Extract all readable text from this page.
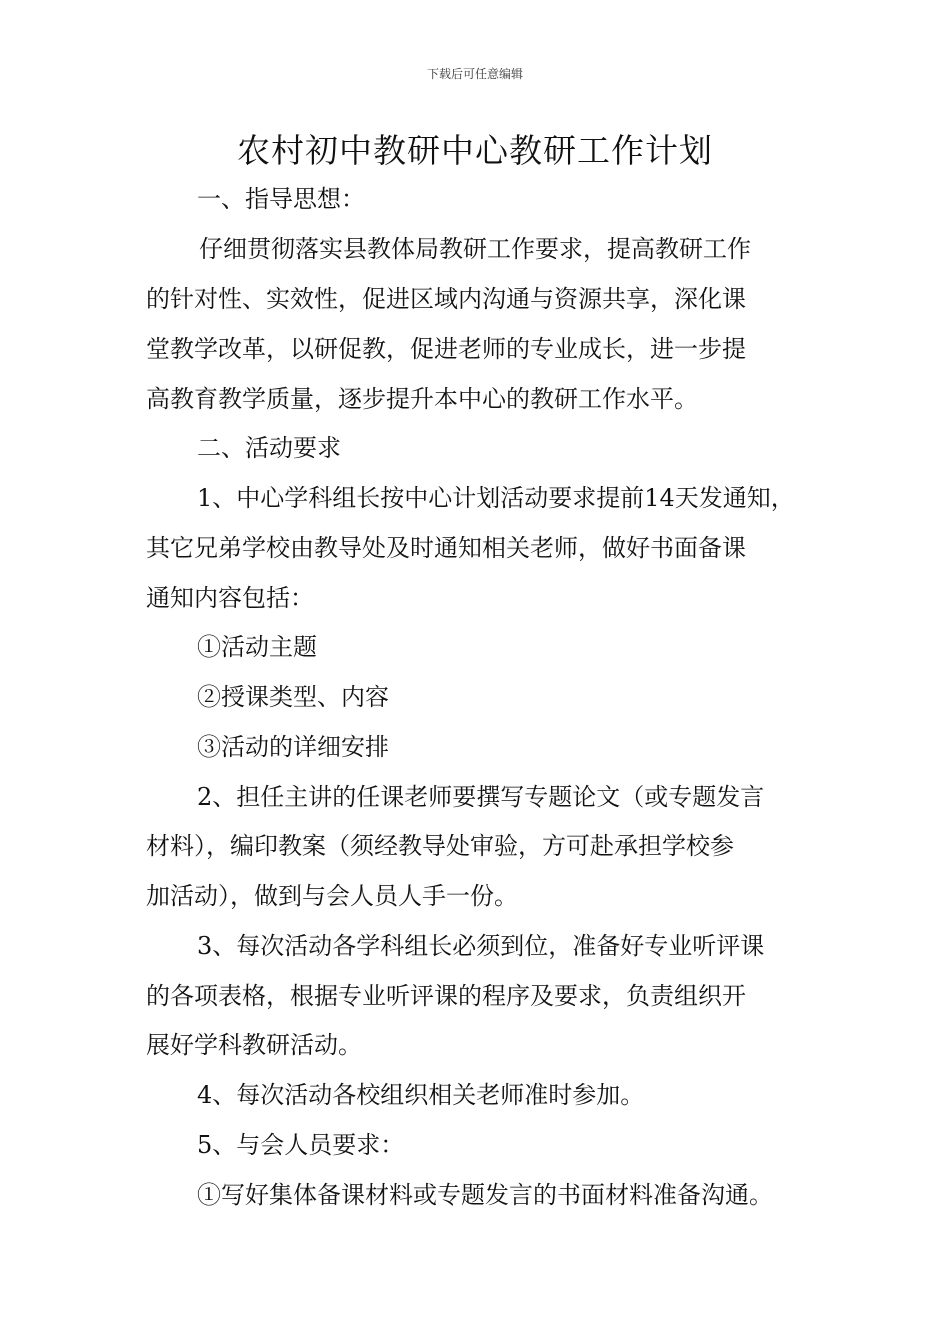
下载后可任意编辑
农村初中教研中心教研工作计划
一、指导思想：
仔细贯彻落实县教体局教研工作要求，提高教研工作
的针对性、实效性，促进区域内沟通与资源共享，深化课
堂教学改革，以研促教，促进老师的专业成长，进一步提
高教育教学质量，逐步提升本中心的教研工作水平。
二、活动要求
1、中心学科组长按中心计划活动要求提前14天发通知，
其它兄弟学校由教导处及时通知相关老师，做好书面备课
通知内容包括：
①活动主题
②授课类型、内容
③活动的详细安排
2、担任主讲的任课老师要撰写专题论文（或专题发言
材料），编印教案（须经教导处审验，方可赴承担学校参
加活动），做到与会人员人手一份。
3、每次活动各学科组长必须到位，准备好专业听评课
的各项表格，根据专业听评课的程序及要求，负责组织开
展好学科教研活动。
4、每次活动各校组织相关老师准时参加。
5、与会人员要求：
①写好集体备课材料或专题发言的书面材料准备沟通。
